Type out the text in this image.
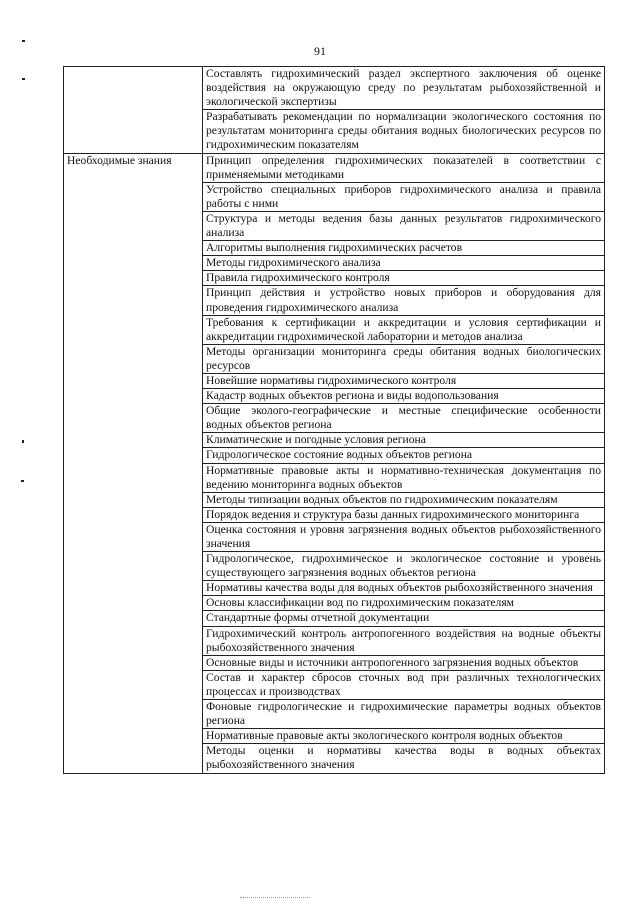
91
	Составлять гидрохимический раздел экспертного заключения об оценке воздействия на окружающую среду по результатам рыбохозяйственной и экологической экспертизы
	Разрабатывать рекомендации по нормализации экологического состояния по результатам мониторинга среды обитания водных биологических ресурсов по гидрохимическим показателям
Необходимые знания	Принцип определения гидрохимических показателей в соответствии с применяемыми методиками
	Устройство специальных приборов гидрохимического анализа и правила работы с ними
	Структура и методы ведения базы данных результатов гидрохимического анализа
	Алгоритмы выполнения гидрохимических расчетов
	Методы гидрохимического анализа
	Правила гидрохимического контроля
	Принцип действия и устройство новых приборов и оборудования для проведения гидрохимического анализа
	Требования к сертификации и аккредитации и условия сертификации и аккредитации гидрохимической лаборатории и методов анализа
	Методы организации мониторинга среды обитания водных биологических ресурсов
	Новейшие нормативы гидрохимического контроля
	Кадастр водных объектов региона и виды водопользования
	Общие эколого-географические и местные специфические особенности водных объектов региона
	Климатические и погодные условия региона
	Гидрологическое состояние водных объектов региона
	Нормативные правовые акты и нормативно-техническая документация по ведению мониторинга водных объектов
	Методы типизации водных объектов по гидрохимическим показателям
	Порядок ведения и структура базы данных гидрохимического мониторинга
	Оценка состояния и уровня загрязнения водных объектов рыбохозяйственного значения
	Гидрологическое, гидрохимическое и экологическое состояние и уровень существующего загрязнения водных объектов региона
	Нормативы качества воды для водных объектов рыбохозяйственного значения
	Основы классификации вод по гидрохимическим показателям
	Стандартные формы отчетной документации
	Гидрохимический контроль антропогенного воздействия на водные объекты рыбохозяйственного значения
	Основные виды и источники антропогенного загрязнения водных объектов
	Состав и характер сбросов сточных вод при различных технологических процессах и производствах
	Фоновые гидрологические и гидрохимические параметры водных объектов региона
	Нормативные правовые акты экологического контроля водных объектов
	Методы оценки и нормативы качества воды в водных объектах рыбохозяйственного значения
